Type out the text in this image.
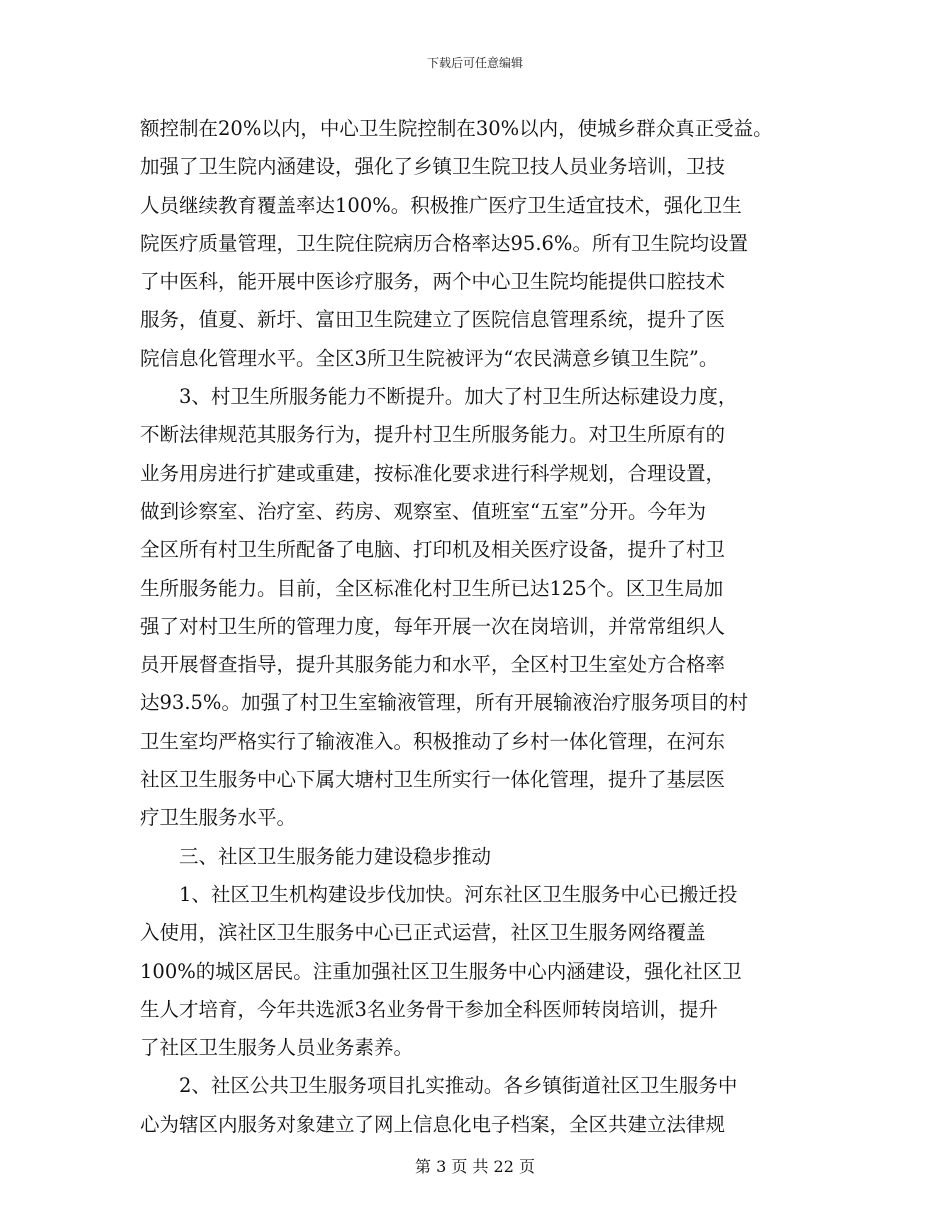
下载后可任意编辑
额控制在20%以内，中心卫生院控制在30%以内，使城乡群众真正受益。
加强了卫生院内涵建设，强化了乡镇卫生院卫技人员业务培训，卫技
人员继续教育覆盖率达100%。积极推广医疗卫生适宜技术，强化卫生
院医疗质量管理，卫生院住院病历合格率达95.6%。所有卫生院均设置
了中医科，能开展中医诊疗服务，两个中心卫生院均能提供口腔技术
服务，值夏、新圩、富田卫生院建立了医院信息管理系统，提升了医
院信息化管理水平。全区3所卫生院被评为“农民满意乡镇卫生院”。
　　3、村卫生所服务能力不断提升。加大了村卫生所达标建设力度，
不断法律规范其服务行为，提升村卫生所服务能力。对卫生所原有的
业务用房进行扩建或重建，按标准化要求进行科学规划，合理设置，
做到诊察室、治疗室、药房、观察室、值班室“五室”分开。今年为
全区所有村卫生所配备了电脑、打印机及相关医疗设备，提升了村卫
生所服务能力。目前，全区标准化村卫生所已达125个。区卫生局加
强了对村卫生所的管理力度，每年开展一次在岗培训，并常常组织人
员开展督查指导，提升其服务能力和水平，全区村卫生室处方合格率
达93.5%。加强了村卫生室输液管理，所有开展输液治疗服务项目的村
卫生室均严格实行了输液准入。积极推动了乡村一体化管理，在河东
社区卫生服务中心下属大塘村卫生所实行一体化管理，提升了基层医
疗卫生服务水平。
　　三、社区卫生服务能力建设稳步推动
　　1、社区卫生机构建设步伐加快。河东社区卫生服务中心已搬迁投
入使用，滨社区卫生服务中心已正式运营，社区卫生服务网络覆盖
100%的城区居民。注重加强社区卫生服务中心内涵建设，强化社区卫
生人才培育，今年共选派3名业务骨干参加全科医师转岗培训，提升
了社区卫生服务人员业务素养。
　　2、社区公共卫生服务项目扎实推动。各乡镇街道社区卫生服务中
心为辖区内服务对象建立了网上信息化电子档案，全区共建立法律规
第 3 页 共 22 页
